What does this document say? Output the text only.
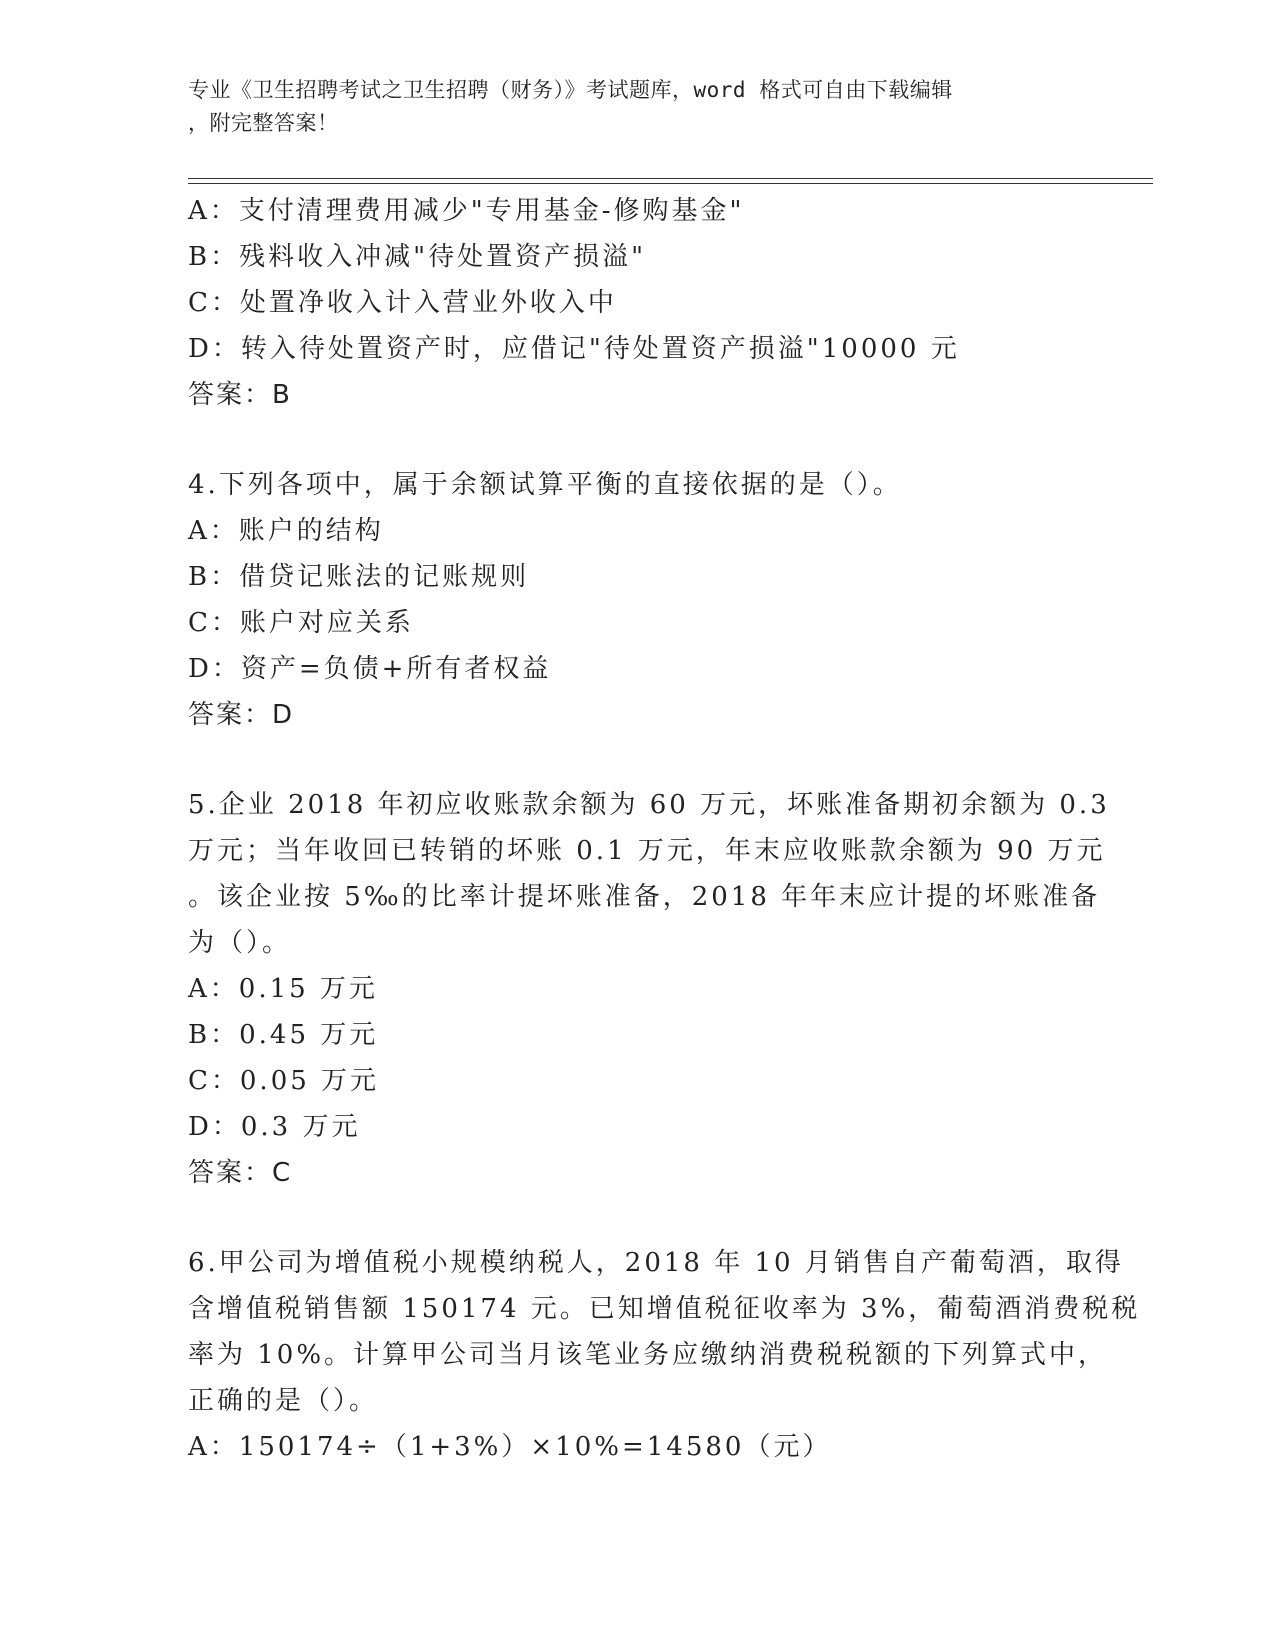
专业《卫生招聘考试之卫生招聘（财务）》考试题库，word 格式可自由下载编辑
，附完整答案！
A：支付清理费用减少"专用基金-修购基金"
B：残料收入冲减"待处置资产损溢"
C：处置净收入计入营业外收入中
D：转入待处置资产时，应借记"待处置资产损溢"10000 元
答案：B
4.下列各项中，属于余额试算平衡的直接依据的是（）。
A：账户的结构
B：借贷记账法的记账规则
C：账户对应关系
D：资产=负债+所有者权益
答案：D
5.企业 2018 年初应收账款余额为 60 万元，坏账准备期初余额为 0.3
万元；当年收回已转销的坏账 0.1 万元，年末应收账款余额为 90 万元
。该企业按 5‰的比率计提坏账准备，2018 年年末应计提的坏账准备
为（）。
A：0.15 万元
B：0.45 万元
C：0.05 万元
D：0.3 万元
答案：C
6.甲公司为增值税小规模纳税人，2018 年 10 月销售自产葡萄酒，取得
含增值税销售额 150174 元。已知增值税征收率为 3%，葡萄酒消费税税
率为 10%。计算甲公司当月该笔业务应缴纳消费税税额的下列算式中，
正确的是（）。
A：150174÷（1+3%）×10%=14580（元）
